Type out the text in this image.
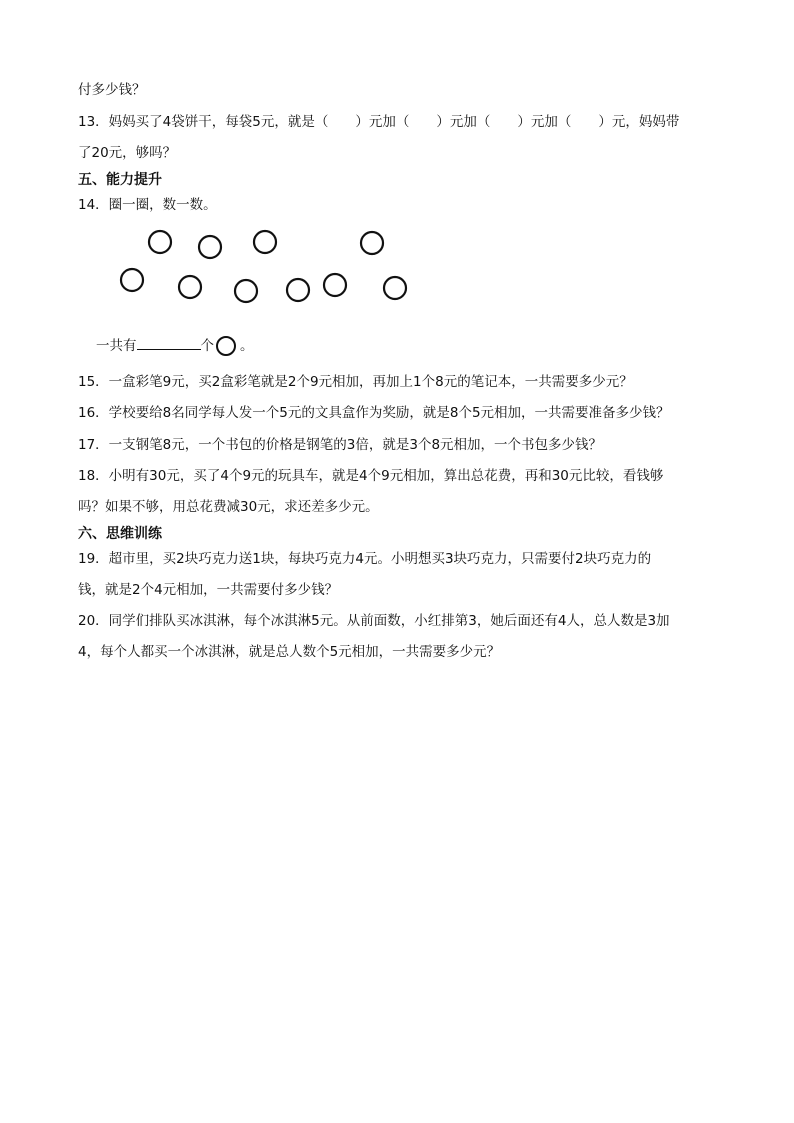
付多少钱？
13．妈妈买了4袋饼干，每袋5元，就是（　　）元加（　　）元加（　　）元加（　　）元，妈妈带
了20元，够吗？
五、能力提升
14．圈一圈，数一数。
一共有	个 。
15．一盒彩笔9元，买2盒彩笔就是2个9元相加，再加上1个8元的笔记本，一共需要多少元？
16．学校要给8名同学每人发一个5元的文具盒作为奖励，就是8个5元相加，一共需要准备多少钱？
17．一支钢笔8元，一个书包的价格是钢笔的3倍，就是3个8元相加，一个书包多少钱？
18．小明有30元，买了4个9元的玩具车，就是4个9元相加，算出总花费，再和30元比较，看钱够
吗？如果不够，用总花费减30元，求还差多少元。
六、思维训练
19．超市里，买2块巧克力送1块，每块巧克力4元。小明想买3块巧克力，只需要付2块巧克力的
钱，就是2个4元相加，一共需要付多少钱？
20．同学们排队买冰淇淋，每个冰淇淋5元。从前面数，小红排第3，她后面还有4人，总人数是3加
4，每个人都买一个冰淇淋，就是总人数个5元相加，一共需要多少元？
